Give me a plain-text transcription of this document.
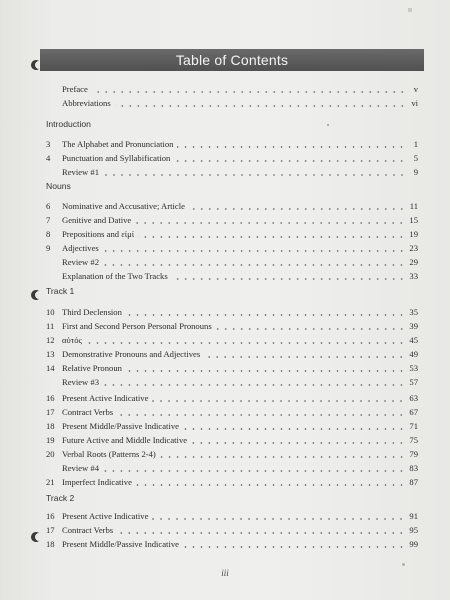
Table of Contents
Preface	v
Abbreviations	vi
Introduction
3	The Alphabet and Pronunciation	1
4	Punctuation and Syllabification	5
Review #1	9
Nouns
6	Nominative and Accusative; Article	11
7	Genitive and Dative	15
8	Prepositions and εἰμί	19
9	Adjectives	23
Review #2	29
Explanation of the Two Tracks	33
Track 1
10 Third Declension	35
11 First and Second Person Personal Pronouns	39
12 αὐτός	45
13 Demonstrative Pronouns and Adjectives	49
14 Relative Pronoun	53
Review #3	57
16 Present Active Indicative	63
17 Contract Verbs	67
18 Present Middle/Passive Indicative	71
19 Future Active and Middle Indicative	75
20 Verbal Roots (Patterns 2-4)	79
Review #4	83
21 Imperfect Indicative	87
Track 2
16 Present Active Indicative	91
17 Contract Verbs	95
18 Present Middle/Passive Indicative	99
iii
